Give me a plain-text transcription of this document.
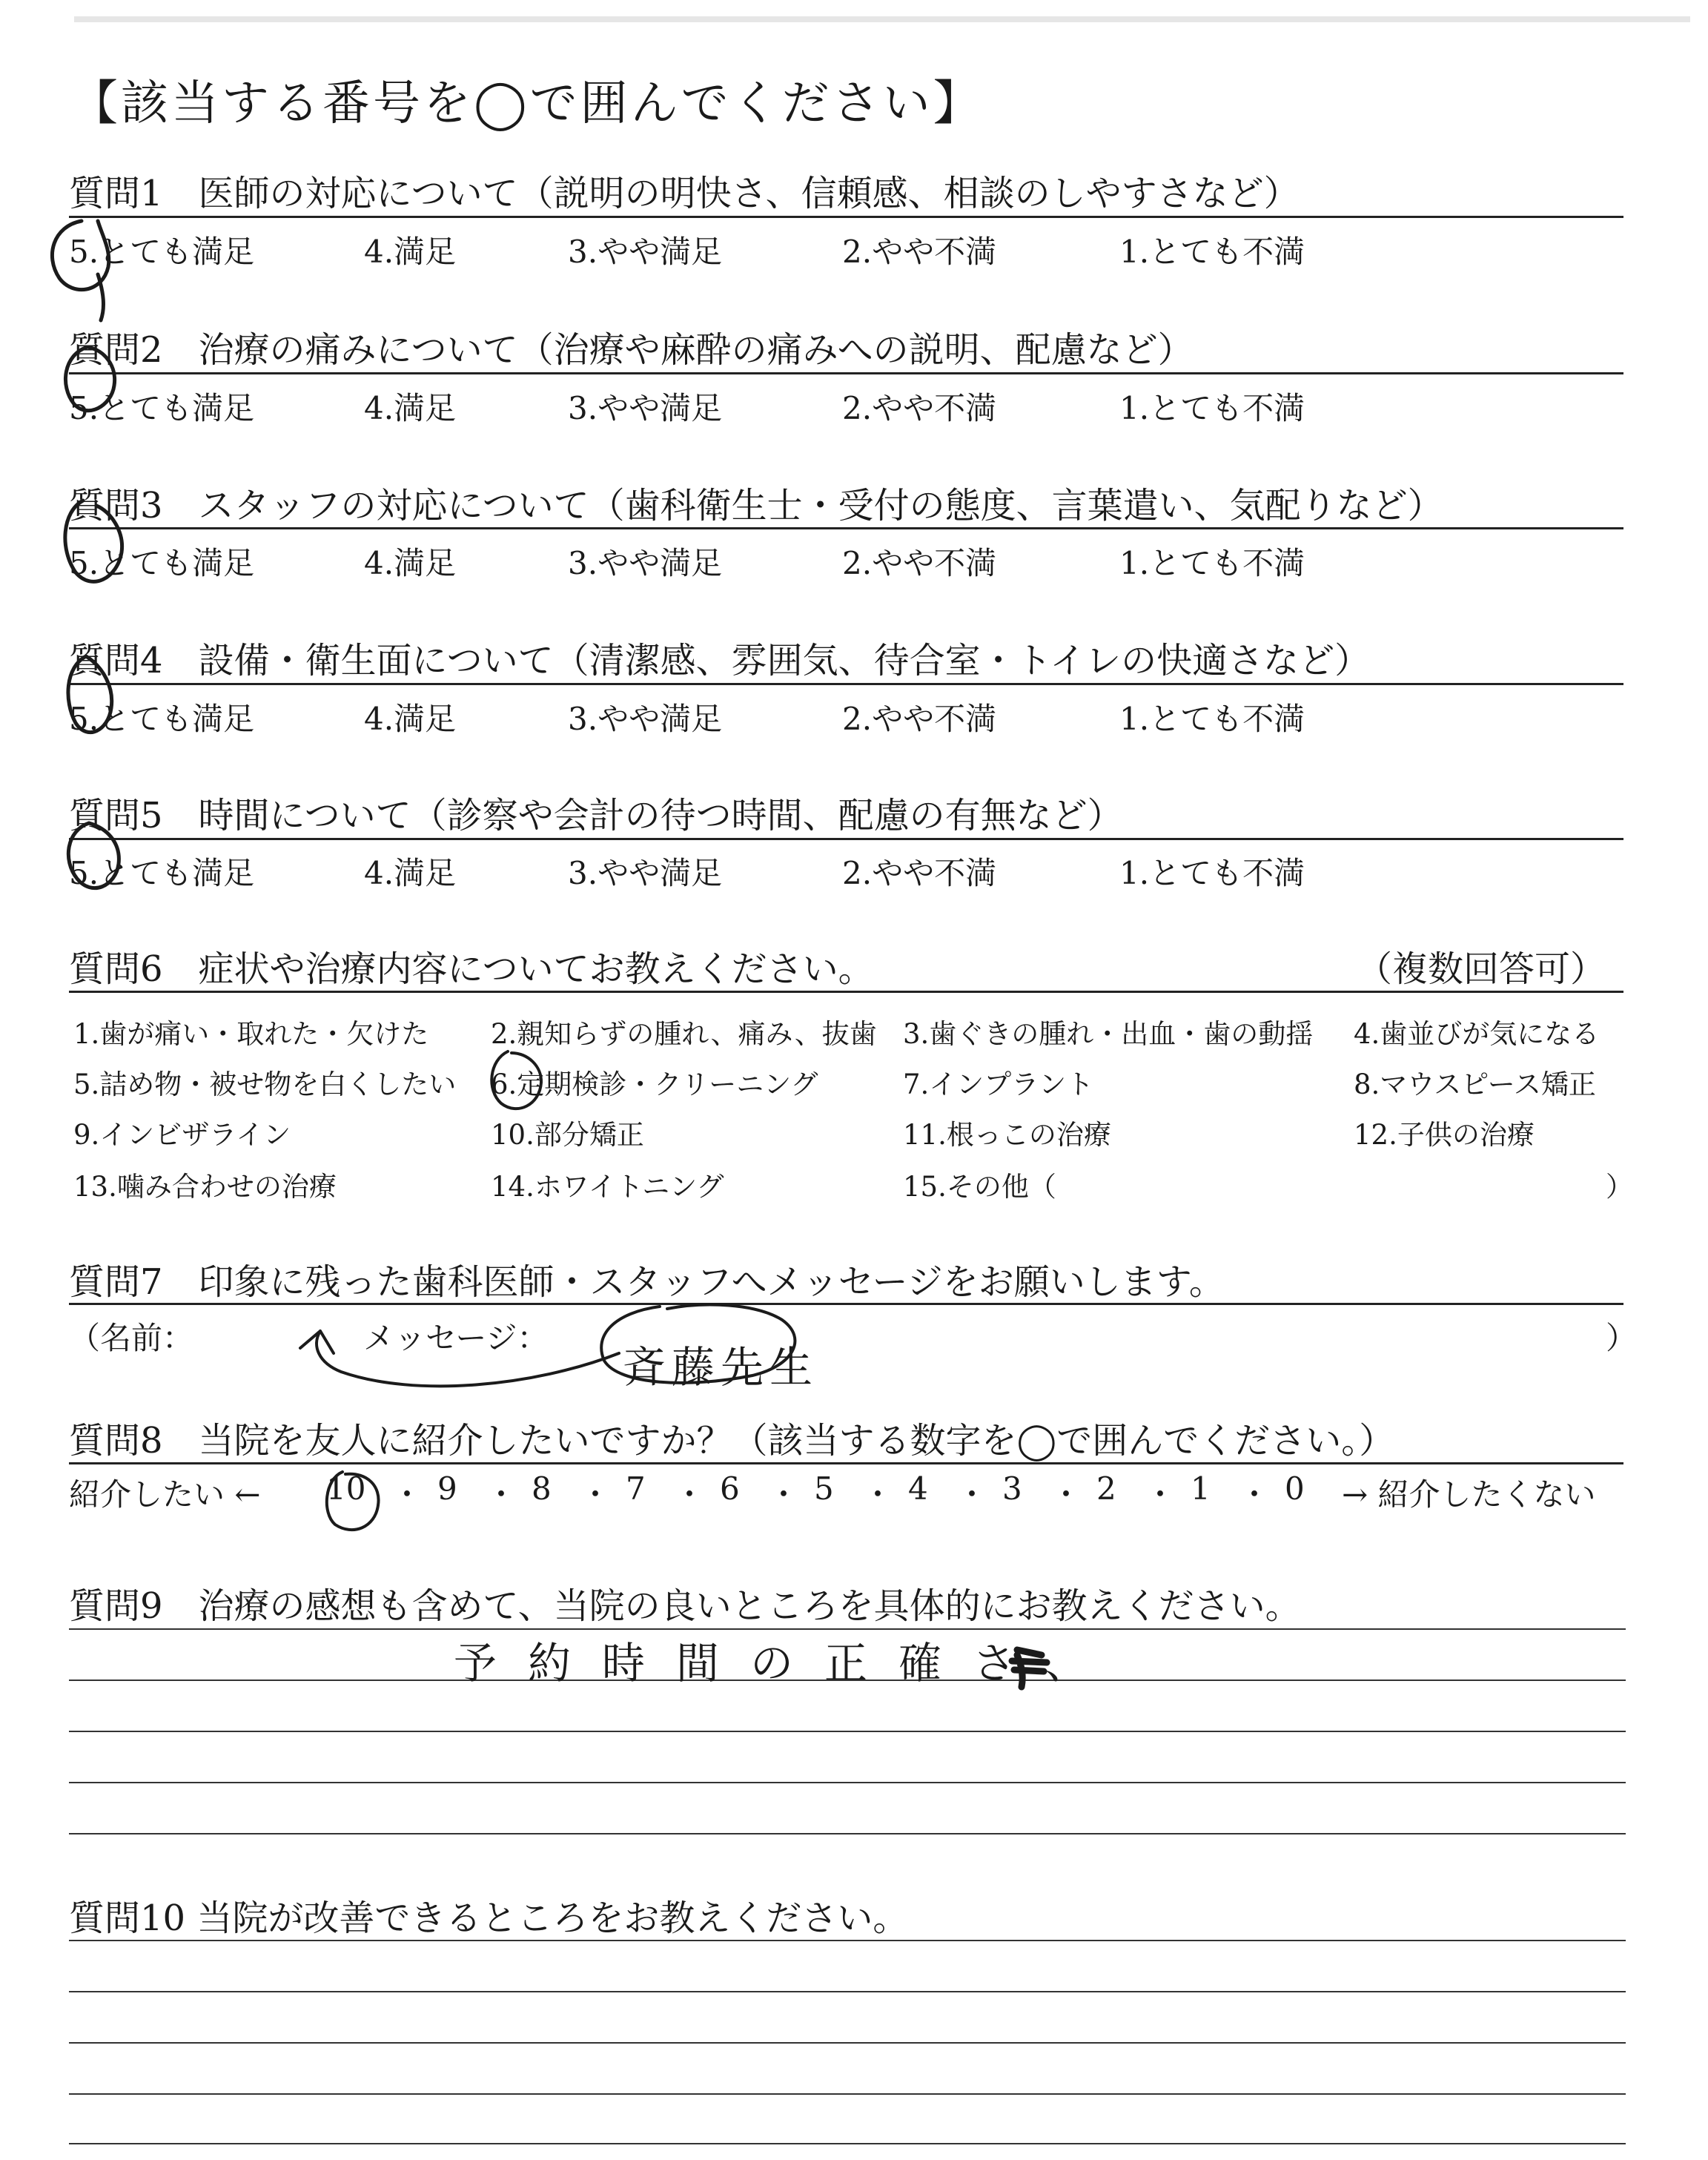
【該当する番号を◯で囲んでください】
質問1　医師の対応について（説明の明快さ、信頼感、相談のしやすさなど）
5.とても満足	4.満足	3.やや満足	2.やや不満	1.とても不満
質問2　治療の痛みについて（治療や麻酔の痛みへの説明、配慮など）
5.とても満足	4.満足	3.やや満足	2.やや不満	1.とても不満
質問3　スタッフの対応について（歯科衛生士・受付の態度、言葉遣い、気配りなど）
5.とても満足	4.満足	3.やや満足	2.やや不満	1.とても不満
質問4　設備・衛生面について（清潔感、雰囲気、待合室・トイレの快適さなど）
5.とても満足	4.満足	3.やや満足	2.やや不満	1.とても不満
質問5　時間について（診察や会計の待つ時間、配慮の有無など）
5.とても満足	4.満足	3.やや満足	2.やや不満	1.とても不満
質問6　症状や治療内容についてお教えください。	（複数回答可）
1.歯が痛い・取れた・欠けた 2.親知らずの腫れ、痛み、抜歯 3.歯ぐきの腫れ・出血・歯の動揺 4.歯並びが気になる
5.詰め物・被せ物を白くしたい 6.定期検診・クリーニング	7.インプラント	8.マウスピース矯正
9.インビザライン	10.部分矯正	11.根っこの治療	12.子供の治療
13.噛み合わせの治療	14.ホワイトニング	15.その他（	）
質問7　印象に残った歯科医師・スタッフへメッセージをお願いします。
（名前：	メッセージ：	）
斉藤先生
質問8　当院を友人に紹介したいですか？（該当する数字を◯で囲んでください。）
紹介したい ← 10 9 8 7 6 5 4 3 2 1 0 → 紹介したくない
・ ・ ・ ・ ・ ・ ・ ・ ・ ・
質問9　治療の感想も含めて、当院の良いところを具体的にお教えください。
予約時間の正確さ、
質問10 当院が改善できるところをお教えください。
